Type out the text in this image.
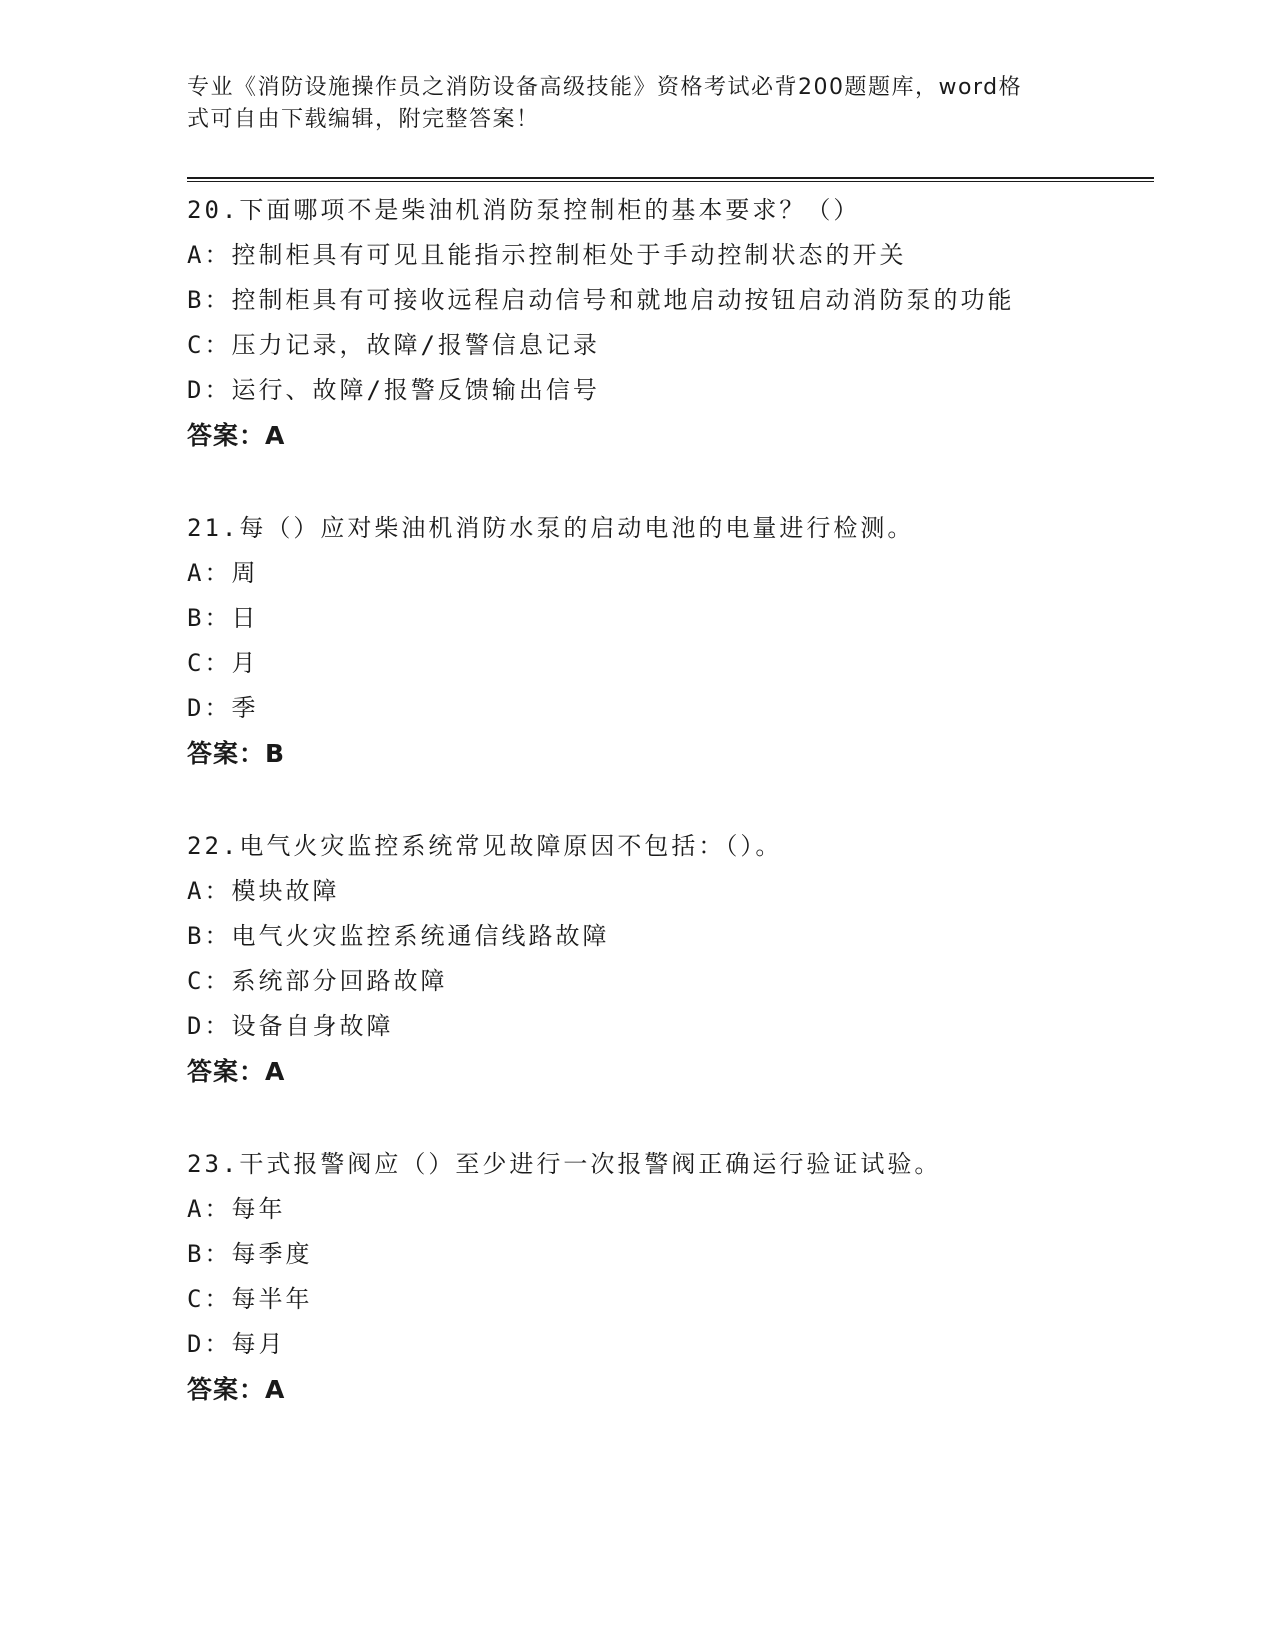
专业《消防设施操作员之消防设备高级技能》资格考试必背200题题库，word格
式可自由下载编辑，附完整答案！
20.下面哪项不是柴油机消防泵控制柜的基本要求？（）
A：控制柜具有可见且能指示控制柜处于手动控制状态的开关
B：控制柜具有可接收远程启动信号和就地启动按钮启动消防泵的功能
C：压力记录，故障/报警信息记录
D：运行、故障/报警反馈输出信号
答案：A
21.每（）应对柴油机消防水泵的启动电池的电量进行检测。
A：周
B：日
C：月
D：季
答案：B
22.电气火灾监控系统常见故障原因不包括：（）。
A：模块故障
B：电气火灾监控系统通信线路故障
C：系统部分回路故障
D：设备自身故障
答案：A
23.干式报警阀应（）至少进行一次报警阀正确运行验证试验。
A：每年
B：每季度
C：每半年
D：每月
答案：A
